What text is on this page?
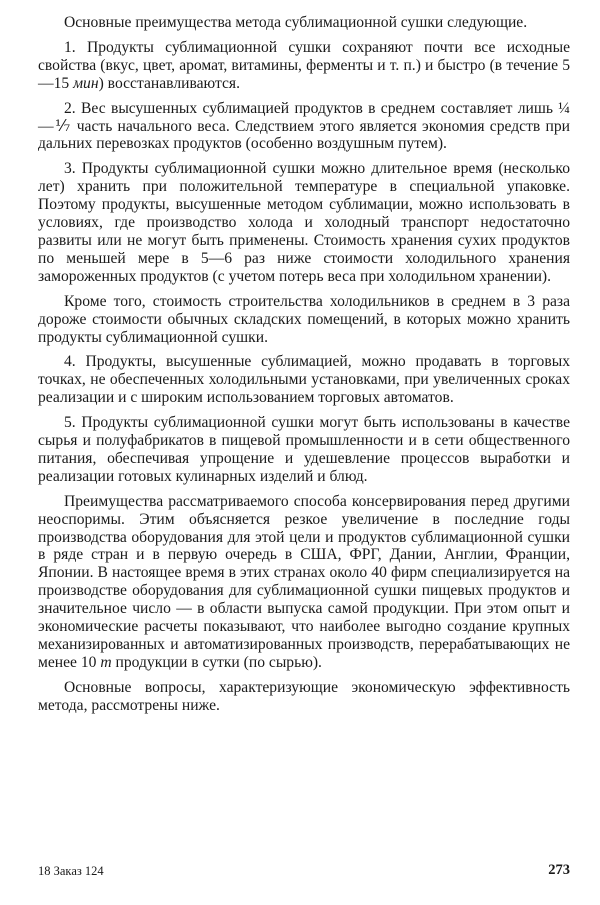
Основные преимущества метода сублимационной сушки следующие.

1. Продукты сублимационной сушки сохраняют почти все исходные свойства (вкус, цвет, аромат, витамины, ферменты и т. п.) и быстро (в течение 5—15 мин) восстанавливаются.

2. Вес высушенных сублимацией продуктов в среднем составляет лишь ¼—⅐ часть начального веса. Следствием этого является экономия средств при дальних перевозках продуктов (особенно воздушным путем).

3. Продукты сублимационной сушки можно длительное время (несколько лет) хранить при положительной температуре в специальной упаковке. Поэтому продукты, высушенные методом сублимации, можно использовать в условиях, где производство холода и холодный транспорт недостаточно развиты или не могут быть применены. Стоимость хранения сухих продуктов по меньшей мере в 5—6 раз ниже стоимости холодильного хранения замороженных продуктов (с учетом потерь веса при холодильном хранении).

Кроме того, стоимость строительства холодильников в среднем в 3 раза дороже стоимости обычных складских помещений, в которых можно хранить продукты сублимационной сушки.

4. Продукты, высушенные сублимацией, можно продавать в торговых точках, не обеспеченных холодильными установками, при увеличенных сроках реализации и с широким использованием торговых автоматов.

5. Продукты сублимационной сушки могут быть использованы в качестве сырья и полуфабрикатов в пищевой промышленности и в сети общественного питания, обеспечивая упрощение и удешевление процессов выработки и реализации готовых кулинарных изделий и блюд.

Преимущества рассматриваемого способа консервирования перед другими неоспоримы. Этим объясняется резкое увеличение в последние годы производства оборудования для этой цели и продуктов сублимационной сушки в ряде стран и в первую очередь в США, ФРГ, Дании, Англии, Франции, Японии. В настоящее время в этих странах около 40 фирм специализируется на производстве оборудования для сублимационной сушки пищевых продуктов и значительное число — в области выпуска самой продукции. При этом опыт и экономические расчеты показывают, что наиболее выгодно создание крупных механизированных и автоматизированных производств, перерабатывающих не менее 10 т продукции в сутки (по сырью).

Основные вопросы, характеризующие экономическую эффективность метода, рассмотрены ниже.

18 Заказ 124	273
